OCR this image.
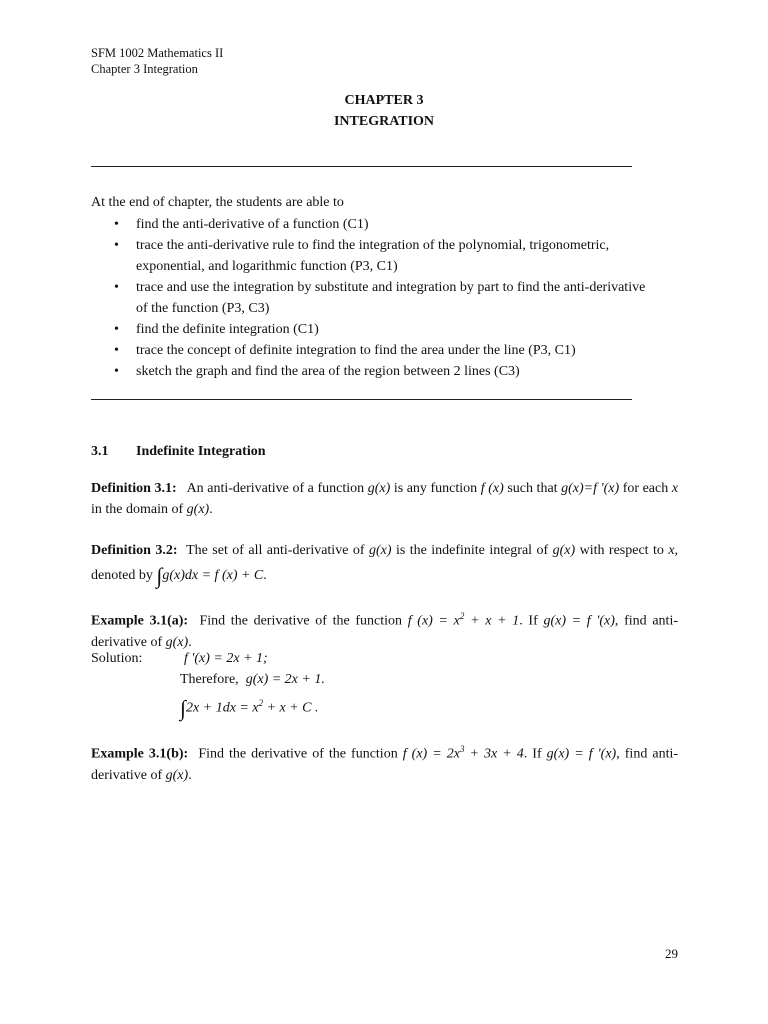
SFM 1002 Mathematics II
Chapter 3 Integration
CHAPTER 3
INTEGRATION
At the end of chapter, the students are able to
• find the anti-derivative of a function (C1)
• trace the anti-derivative rule to find the integration of the polynomial, trigonometric, exponential, and logarithmic function (P3, C1)
• trace and use the integration by substitute and integration by part to find the anti-derivative of the function (P3, C3)
• find the definite integration (C1)
• trace the concept of definite integration to find the area under the line (P3, C1)
• sketch the graph and find the area of the region between 2 lines (C3)
3.1 Indefinite Integration
Definition 3.1: An anti-derivative of a function g(x) is any function f (x) such that g(x)=f '(x) for each x in the domain of g(x).
Definition 3.2: The set of all anti-derivative of g(x) is the indefinite integral of g(x) with respect to x, denoted by ∫g(x)dx = f (x) + C.
Example 3.1(a): Find the derivative of the function f $(x) = x^2 + x + 1$. If g(x) = f '(x), find anti-derivative of g(x).
Solution:	f '(x) = 2x + 1;
Therefore, g(x) = 2x + 1.
$\int 2x + 1dx = x^2 + x + C$ .
Example 3.1(b): Find the derivative of the function f $(x) = 2x^3 + 3x + 4$. If g(x) = f '(x), find anti-derivative of g(x).
29
